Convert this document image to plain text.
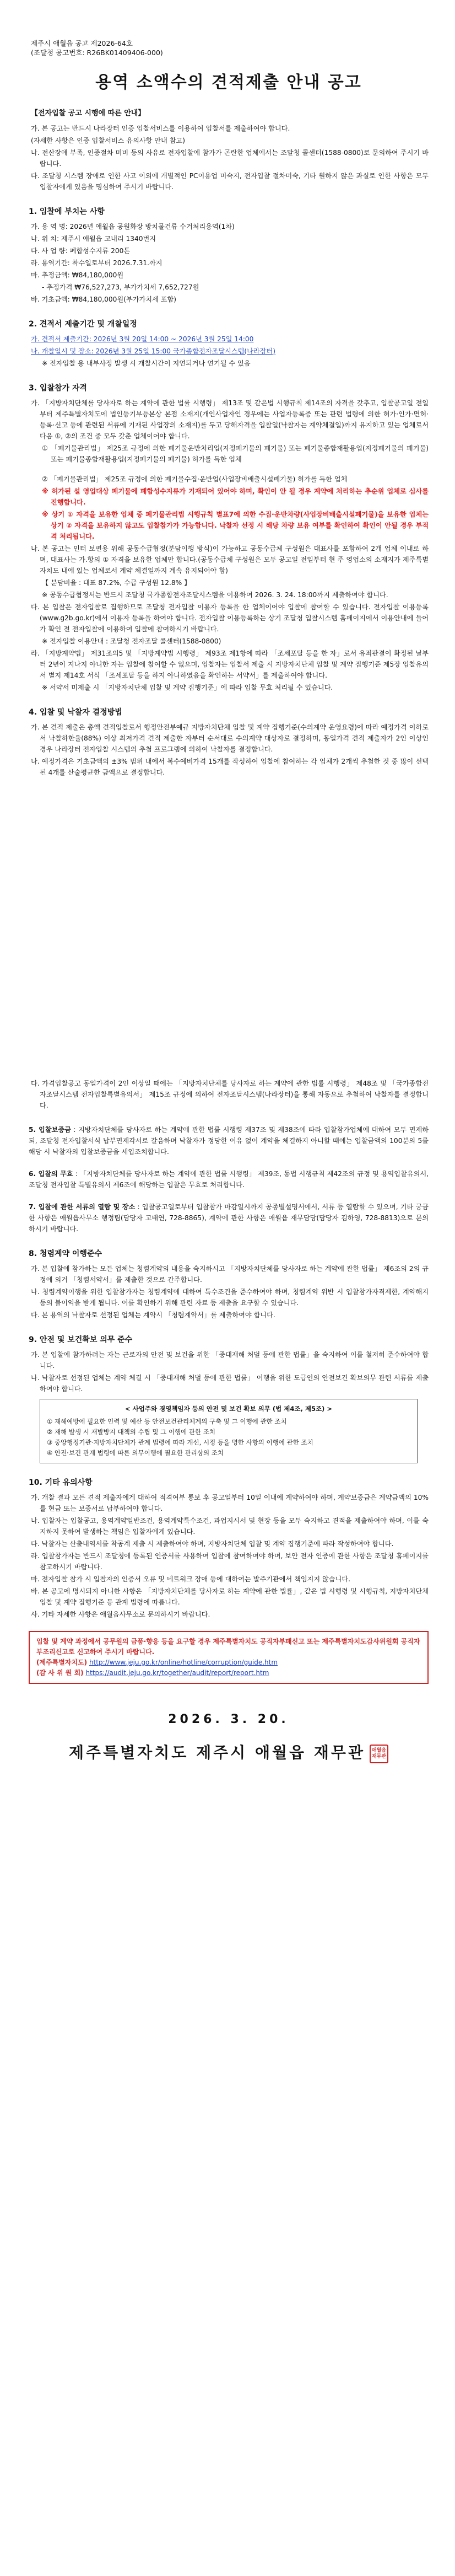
제주시 애월읍 공고 제2026-64호
(조달청 공고번호: R26BK01409406-000)
용역 소액수의 견적제출 안내 공고
【전자입찰 공고 시행에 따른 안내】
가. 본 공고는 반드시 나라장터 인증 입찰서비스를 이용하여 입찰서를 제출하여야 합니다.
(자세한 사항은 인증 입찰서비스 유의사항 안내 참고)
나. 전산장애 부족, 인증절차 미비 등의 사유로 전자입찰에 참가가 곤란한 업체에서는 조달청 콜센터(1588-0800)로 문의하여 주시기 바랍니다.
다. 조달청 시스템 장애로 인한 사고 이외에 개별적인 PC이용업 미숙지, 전자입찰 절차미숙, 기타 원하지 않은 과실로 인한 사항은 모두 입찰자에게 있음을 명심하여 주시기 바랍니다.
1. 입찰에 부치는 사항
가. 용 역 명: 2026년 애월읍 공원화장 방치물건류 수거처리용역(1차)
나. 위 치: 제주시 애월읍 고내리 1340번지
다. 사 업 량: 폐합성수지류 200톤
라. 용역기간: 착수일로부터 2026.7.31.까지
마. 추정금액: ₩84,180,000원
- 추정가격 ₩76,527,273, 부가가치세 7,652,727원
바. 기초금액: ₩84,180,000원(부가가치세 포함)
2. 견적서 제출기간 및 개찰일정
가. 견적서 제출기간: 2026년 3월 20일 14:00 ~ 2026년 3월 25일 14:00
나. 개찰일시 및 장소: 2026년 3월 25일 15:00 국가종합전자조달시스템(나라장터)
※ 전자입찰 용 내부사정 발생 시 개찰시간이 지연되거나 연기될 수 있음
3. 입찰참가 자격
가. 「지방자치단체를 당사자로 하는 계약에 관한 법률 시행령」 제13조 및 같은법 시행규칙 제14조의 자격을 갖추고, 입찰공고일 전일 부터 제주특별자치도에 법인등기부등본상 본점 소재지(개인사업자인 경우에는 사업자등록증 또는 관련 법령에 의한 허가·인가·면허·등록·신고 등에 관련된 서류에 기재된 사업장의 소재지)를 두고 당해자격을 입찰일(낙찰자는 계약체결일)까지 유지하고 있는 업체로서 다음 ①, ②의 조건 중 모두 갖춘 업체이어야 합니다.
① 「폐기물관리법」 제25조 규정에 의한 폐기물운반처리업(지정폐기물의 폐기물) 또는 폐기물종합재활용업(지정폐기물의 폐기물) 또는 폐기물종합재활용업(지정폐기물의 폐기물) 허가를 득한 업체
② 「폐기물관리법」 제25조 규정에 의한 폐기물수집·운반업(사업장비배출시설폐기물) 허가를 득한 업체
※ 허가된 설 영업대상 폐기물에 폐합성수지류가 기재되어 있어야 하며, 확인이 안 될 경우 계약에 처리하는 추순위 업체로 심사를 진행합니다.
※ 상기 ① 자격을 보유한 업체 중 폐기물관리법 시행규칙 별표7에 의한 수집·운반차량(사업장비배출시설폐기물)을 보유한 업체는 상기 ② 자격을 보유하지 않고도 입찰참가가 가능합니다. 낙찰자 선정 시 해당 차량 보유 여부를 확인하여 확인이 안될 경우 부적격 처리됩니다.
나. 본 공고는 인터 보편용 위해 공동수급협정(분담이행 방식)이 가능하고 공동수급체 구성원은 대표사를 포함하여 2개 업체 이내로 하며, 대표사는 가.항의 ① 자격을 보유한 업체만 합니다.(공동수급체 구성원은 모두 공고일 전일부터 현 주 영업소의 소재지가 제주특별자치도 내에 있는 업체로서 계약 체결일까지 계속 유지되어야 함)
【 분담비율 : 대표 87.2%, 수급 구성원 12.8% 】
※ 공동수급협정서는 반드시 조달청 국가종합전자조달시스템을 이용하여 2026. 3. 24. 18:00까지 제출하여야 합니다.
다. 본 입찰은 전자입찰로 집행하므로 조달청 전자입찰 이용자 등록을 한 업체이어야 입찰에 참여할 수 있습니다. 전자입찰 이용등록(www.g2b.go.kr)에서 이용자 등록을 하여야 합니다. 전자입찰 이용등록하는 상기 조달청 입찰시스템 홈페이지에서 이용안내에 들어가 확인 전 전자입찰에 이용하여 입찰에 참여하시기 바랍니다.
※ 전자입찰 이용안내 : 조달청 전자조달 콜센터(1588-0800)
라. 「지방계약법」 제31조의5 및 「지방계약법 시행령」 제93조 제1항에 따라 「조세포탈 등을 한 자」로서 유죄판결이 확정된 날부터 2년이 지나지 아니한 자는 입찰에 참여할 수 없으며, 입찰자는 입찰서 제출 시 지방자치단체 입찰 및 계약 집행기준 제5장 입찰유의서 별지 제14호 서식 「조세포탈 등을 하지 아니하였음을 확인하는 서약서」를 제출하여야 합니다.
※ 서약서 미제출 시 「지방자치단체 입찰 및 계약 집행기준」에 따라 입찰 무효 처리될 수 있습니다.
4. 입찰 및 낙찰자 결정방법
가. 본 견적 제출은 총액 견적입찰로서 행정안전부예규 지방자치단체 입찰 및 계약 집행기준(수의계약 운영요령)에 따라 예정가격 이하로서 낙찰하한율(88%) 이상 최저가격 견적 제출한 자부터 순서대로 수의계약 대상자로 결정하며, 동일가격 견적 제출자가 2인 이상인 경우 나라장터 전자입찰 시스템의 추첨 프로그램에 의하여 낙찰자를 결정합니다.
나. 예정가격은 기초금액의 ±3% 범위 내에서 복수예비가격 15개를 작성하여 입찰에 참여하는 각 업체가 2개씩 추첨한 것 중 많이 선택된 4개를 산술평균한 금액으로 결정합니다.
다. 가격입찰공고 동일가격이 2인 이상일 때에는 「지방자치단체를 당사자로 하는 계약에 관한 법률 시행령」 제48조 및 「국가종합전자조달시스템 전자입찰특별유의서」 제15조 규정에 의하여 전자조달시스템(나라장터)을 통해 자동으로 추첨하여 낙찰자를 결정합니다.
5. 입찰보증금 : 지방자치단체를 당사자로 하는 계약에 관한 법률 시행령 제37조 및 제38조에 따라 입찰참가업체에 대하여 모두 면제하되, 조달청 전자입찰서식 납부면제각서로 갈음하며 낙찰자가 정당한 이유 없이 계약을 체결하지 아니할 때에는 입찰금액의 100분의 5를 해당 시 낙찰자의 입찰보증금을 세입조치합니다.
6. 입찰의 무효 : 「지방자치단체를 당사자로 하는 계약에 관한 법률 시행령」 제39조, 동법 시행규칙 제42조의 규정 및 용역입찰유의서, 조달청 전자입찰 특별유의서 제6조에 해당하는 입찰은 무효로 처리합니다.
7. 입찰에 관한 서류의 열람 및 장소 : 입찰공고일로부터 입찰참가 마감일시까지 공종별설명서에서, 서류 등 열람할 수 있으며, 기타 궁금한 사항은 애월읍사무소 행정팀(담당자 고태연, 728-8865), 계약에 관한 사항은 애월읍 재무담당(담당자 김하영, 728-8813)으로 문의하시기 바랍니다.
8. 청렴계약 이행준수
가. 본 입찰에 참가하는 모든 업체는 청렴계약의 내용을 숙지하시고 「지방자치단체를 당사자로 하는 계약에 관한 법률」 제6조의 2의 규정에 의거 「청렴서약서」를 제출한 것으로 간주합니다.
나. 청렴계약이행을 위한 입찰참가자는 청렴계약에 대하여 특수조건을 준수하여야 하며, 청렴계약 위반 시 입찰참가자격제한, 계약해지 등의 불이익을 받게 됩니다. 이를 확인하기 위해 관련 자료 등 제출을 요구할 수 있습니다.
다. 본 용역의 낙찰자로 선정된 업체는 계약시 「청렴계약서」를 제출하여야 합니다.
9. 안전 및 보건확보 의무 준수
가. 본 입찰에 참가하려는 자는 근로자의 안전 및 보건을 위한 「중대재해 처벌 등에 관한 법률」을 숙지하여 이를 철저히 준수하여야 합니다.
나. 낙찰자로 선정된 업체는 계약 체결 시 「중대재해 처벌 등에 관한 법률」 이행을 위한 도급인의 안전보건 확보의무 관련 서류를 제출하여야 합니다.
< 사업주와 경영책임자 등의 안전 및 보건 확보 의무 (법 제4조, 제5조) >
① 재해예방에 필요한 인력 및 예산 등 안전보건관리체계의 구축 및 그 이행에 관한 조치
② 재해 발생 시 재발방지 대책의 수립 및 그 이행에 관한 조치
③ 중앙행정기관·지방자치단체가 관계 법령에 따라 개선, 시정 등을 명한 사항의 이행에 관한 조치
④ 안전·보건 관계 법령에 따른 의무이행에 필요한 관리상의 조치
10. 기타 유의사항
가. 개찰 결과 모든 견적 제출자에게 대하여 적격여부 통보 후 공고일부터 10일 이내에 계약하여야 하며, 계약보증금은 계약금액의 10%를 현금 또는 보증서로 납부하여야 합니다.
나. 입찰자는 입찰공고, 용역계약일반조건, 용역계약특수조건, 과업지시서 및 현장 등을 모두 숙지하고 견적을 제출하여야 하며, 이를 숙지하지 못하여 발생하는 책임은 입찰자에게 있습니다.
다. 낙찰자는 산출내역서를 착공계 제출 시 제출하여야 하며, 지방자치단체 입찰 및 계약 집행기준에 따라 작성하여야 합니다.
라. 입찰참가자는 반드시 조달청에 등록된 인증서를 사용하여 입찰에 참여하여야 하며, 보안 전자 인증에 관한 사항은 조달청 홈페이지를 참고하시기 바랍니다.
마. 전자입찰 참가 시 입찰자의 인증서 오류 및 네트워크 장애 등에 대하여는 발주기관에서 책임지지 않습니다.
바. 본 공고에 명시되지 아니한 사항은 「지방자치단체를 당사자로 하는 계약에 관한 법률」, 같은 법 시행령 및 시행규칙, 지방자치단체 입찰 및 계약 집행기준 등 관계 법령에 따릅니다.
사. 기타 자세한 사항은 애월읍사무소로 문의하시기 바랍니다.
입찰 및 계약 과정에서 공무원의 금품·향응 등을 요구할 경우 제주특별자치도 공직자부패신고 또는 제주특별자치도감사위원회 공직자부조리신고로 신고하여 주시기 바랍니다.
(제주특별자치도) http://www.jeju.go.kr/online/hotline/corruption/guide.htm
(감 사 위 원 회) https://audit.jeju.go.kr/together/audit/report/report.htm
2026. 3. 20.
제주특별자치도 제주시 애월읍 재무관 애월읍 재무관
